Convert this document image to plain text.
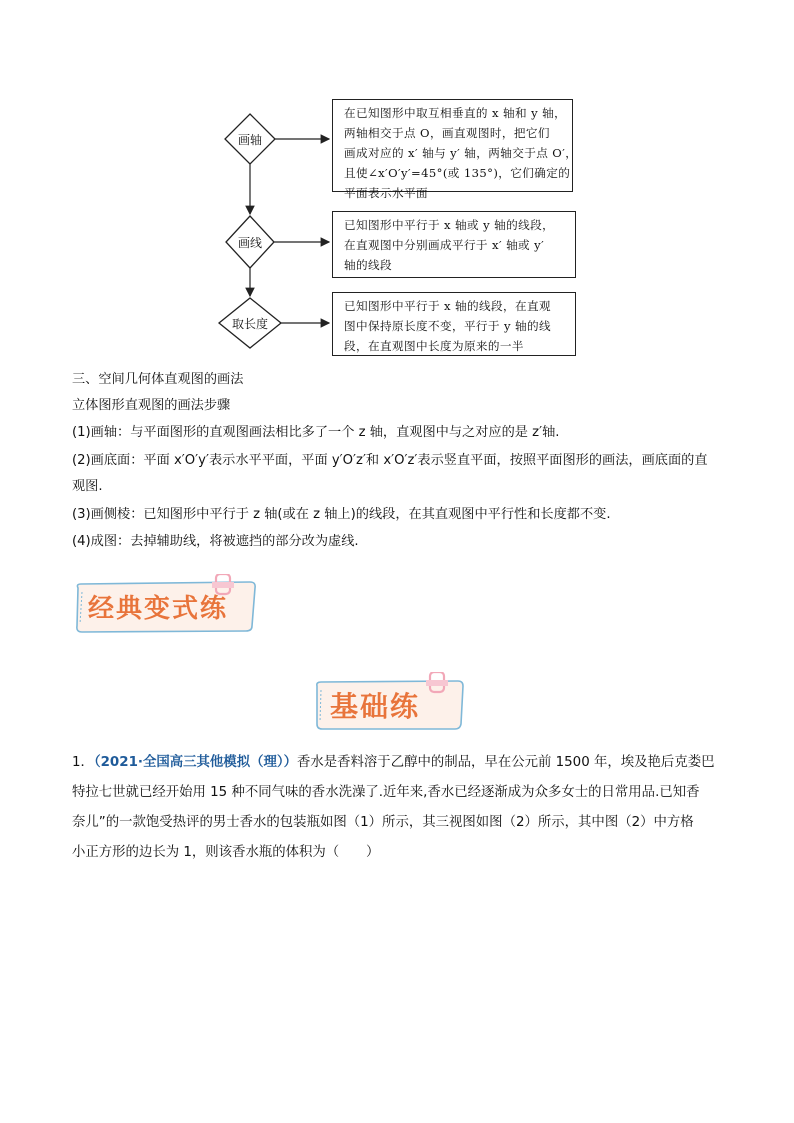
画轴
画线
取长度

在已知图形中取互相垂直的 x 轴和 y 轴，

两轴相交于点 O，画直观图时，把它们

画成对应的 x′ 轴与 y′ 轴，两轴交于点 O′，

且使∠x′O′y′=45°(或 135°)，它们确定的

平面表示水平面

已知图形中平行于 x 轴或 y 轴的线段，

在直观图中分别画成平行于 x′ 轴或 y′

轴的线段

已知图形中平行于 x 轴的线段，在直观

图中保持原长度不变，平行于 y 轴的线

段，在直观图中长度为原来的一半

三、空间几何体直观图的画法
立体图形直观图的画法步骤
(1)画轴：与平面图形的直观图画法相比多了一个 z 轴，直观图中与之对应的是 z′轴.
(2)画底面：平面 x′O′y′表示水平平面，平面 y′O′z′和 x′O′z′表示竖直平面，按照平面图形的画法，画底面的直
观图.
(3)画侧棱：已知图形中平行于 z 轴(或在 z 轴上)的线段，在其直观图中平行性和长度都不变.
(4)成图：去掉辅助线，将被遮挡的部分改为虚线.
经典变式练
基础练
1．（2021·全国高三其他模拟（理））香水是香料溶于乙醇中的制品，早在公元前 1500 年，埃及艳后克娄巴
特拉七世就已经开始用 15 种不同气味的香水洗澡了.近年来,香水已经逐渐成为众多女士的日常用品.已知香
奈儿”的一款饱受热评的男士香水的包装瓶如图（1）所示，其三视图如图（2）所示，其中图（2）中方格
小正方形的边长为 1，则该香水瓶的体积为（　　）
